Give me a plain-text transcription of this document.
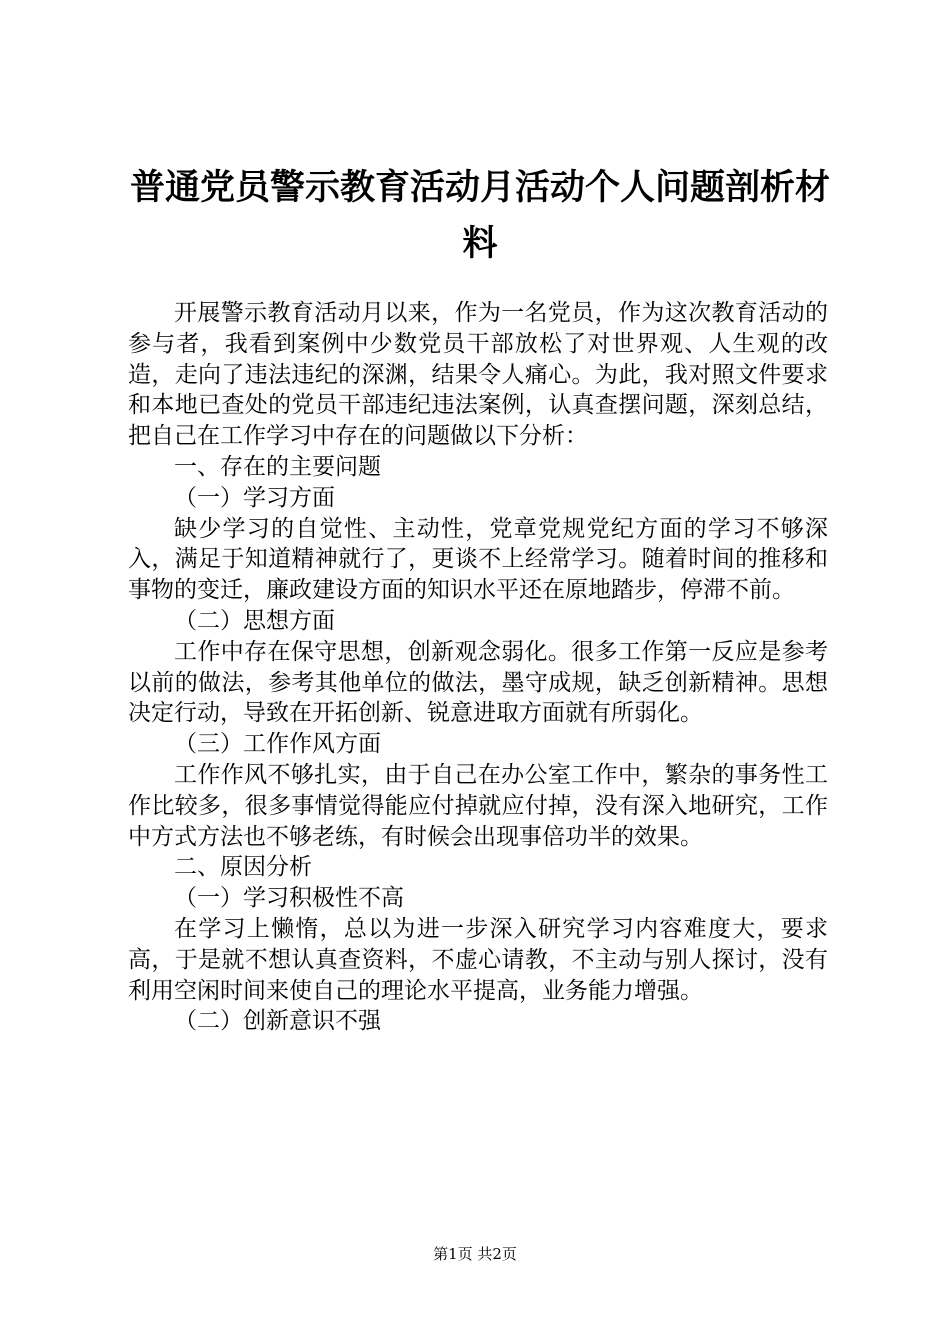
普通党员警示教育活动月活动个人问题剖析材料

开展警示教育活动月以来，作为一名党员，作为这次教育活动的参与者，我看到案例中少数党员干部放松了对世界观、人生观的改造，走向了违法违纪的深渊，结果令人痛心。为此，我对照文件要求和本地已查处的党员干部违纪违法案例，认真查摆问题，深刻总结，把自己在工作学习中存在的问题做以下分析：

一、存在的主要问题

（一）学习方面

缺少学习的自觉性、主动性，党章党规党纪方面的学习不够深入，满足于知道精神就行了，更谈不上经常学习。随着时间的推移和事物的变迁，廉政建设方面的知识水平还在原地踏步，停滞不前。

（二）思想方面

工作中存在保守思想，创新观念弱化。很多工作第一反应是参考以前的做法，参考其他单位的做法，墨守成规，缺乏创新精神。思想决定行动，导致在开拓创新、锐意进取方面就有所弱化。

（三）工作作风方面

工作作风不够扎实，由于自己在办公室工作中，繁杂的事务性工作比较多，很多事情觉得能应付掉就应付掉，没有深入地研究，工作中方式方法也不够老练，有时候会出现事倍功半的效果。

二、原因分析

（一）学习积极性不高

在学习上懒惰，总以为进一步深入研究学习内容难度大，要求高，于是就不想认真查资料，不虚心请教，不主动与别人探讨，没有利用空闲时间来使自己的理论水平提高，业务能力增强。

（二）创新意识不强

第1页 共2页
